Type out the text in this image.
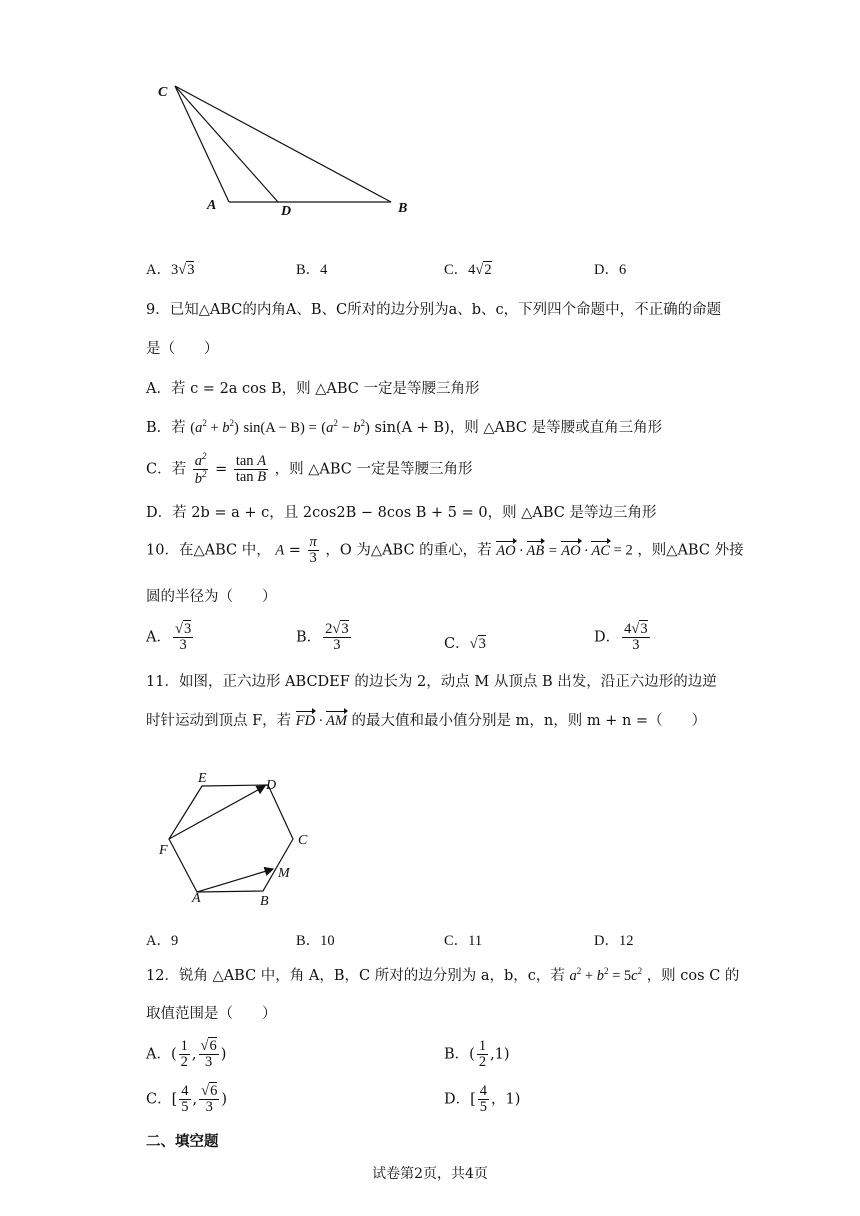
C
A	D	B
A．3√3	B．4	C．4√2	D．6
9．已知△ABC的内角A、B、C所对的边分别为a、b、c，下列四个命题中，不正确的命题
是（　　）
A．若 c = 2a cos B，则 △ABC 一定是等腰三角形
B．若 $(a^2 + b^2) \sin(A - B) = (a^2 - b^2) \sin(A + B)$，则 △ABC 是等腰或直角三角形
C．若 $\frac{a^2}{b^2} = \frac{\text{tan A}}{\text{tan B}}$ ，则 △ABC 一定是等腰三角形
D．若 2b = a + c，且 2cos2B − 8cos B + 5 = 0，则 △ABC 是等边三角形
10．在△ABC 中， $A = \frac{\pi}{3}$ ，O 为△ABC 的重心，若 AO · AB = AO · AC = 2 ，则△ABC 外接
圆的半径为（　　）
A． $\frac{√3}{3}$	B． $\frac{2√3}{3}$	C．√3	D． $\frac{4√3}{3}$
11．如图，正六边形 ABCDEF 的边长为 2，动点 M 从顶点 B 出发，沿正六边形的边逆
时针运动到顶点 F，若 FD · AM 的最大值和最小值分别是 m，n，则 m + n =（　　）
E	D
F
C
A
M
B
A．9	B．10	C．11	D．12
12．锐角 △ABC 中，角 A，B，C 所对的边分别为 a，b，c，若 $a^2 + b^2 = 5c^2$ ，则 cos C 的
取值范围是（　　）
A．( $\frac{1}{2}$ , $\frac{√6}{3}$ )	B．( $\frac{1}{2} ,1$)
C．[ $\frac{4}{5}$ , $\frac{√6}{3}$ )	D．[ $\frac{4}{5}$ ，1)
二、填空题
试卷第2页，共4页
